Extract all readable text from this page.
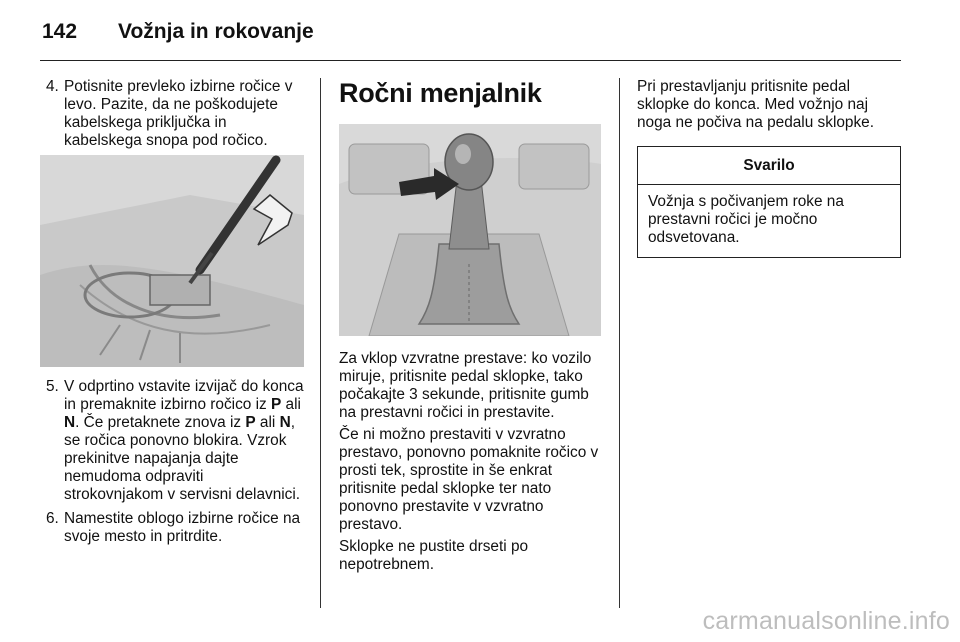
142 Vožnja in rokovanje
4. Potisnite prevleko izbirne ročice v levo. Pazite, da ne poškodujete kabelskega priključka in kabelskega snopa pod ročico.
5. V odprtino vstavite izvijač do konca in premaknite izbirno ročico iz P ali N. Če pretaknete znova iz P ali N, se ročica ponovno blokira. Vzrok prekinitve napajanja dajte nemudoma odpraviti strokovnjakom v servisni delavnici.
6. Namestite oblogo izbirne ročice na svoje mesto in pritrdite.
Ročni menjalnik
Za vklop vzvratne prestave: ko vozilo miruje, pritisnite pedal sklopke, tako počakajte 3 sekunde, pritisnite gumb na prestavni ročici in prestavite.
Če ni možno prestaviti v vzvratno prestavo, ponovno pomaknite ročico v prosti tek, sprostite in še enkrat pritisnite pedal sklopke ter nato ponovno prestavite v vzvratno prestavo.
Sklopke ne pustite drseti po nepotrebnem.
Pri prestavljanju pritisnite pedal sklopke do konca. Med vožnjo naj noga ne počiva na pedalu sklopke.
Svarilo
Vožnja s počivanjem roke na prestavni ročici je močno odsvetovana.
carmanualsonline.info
